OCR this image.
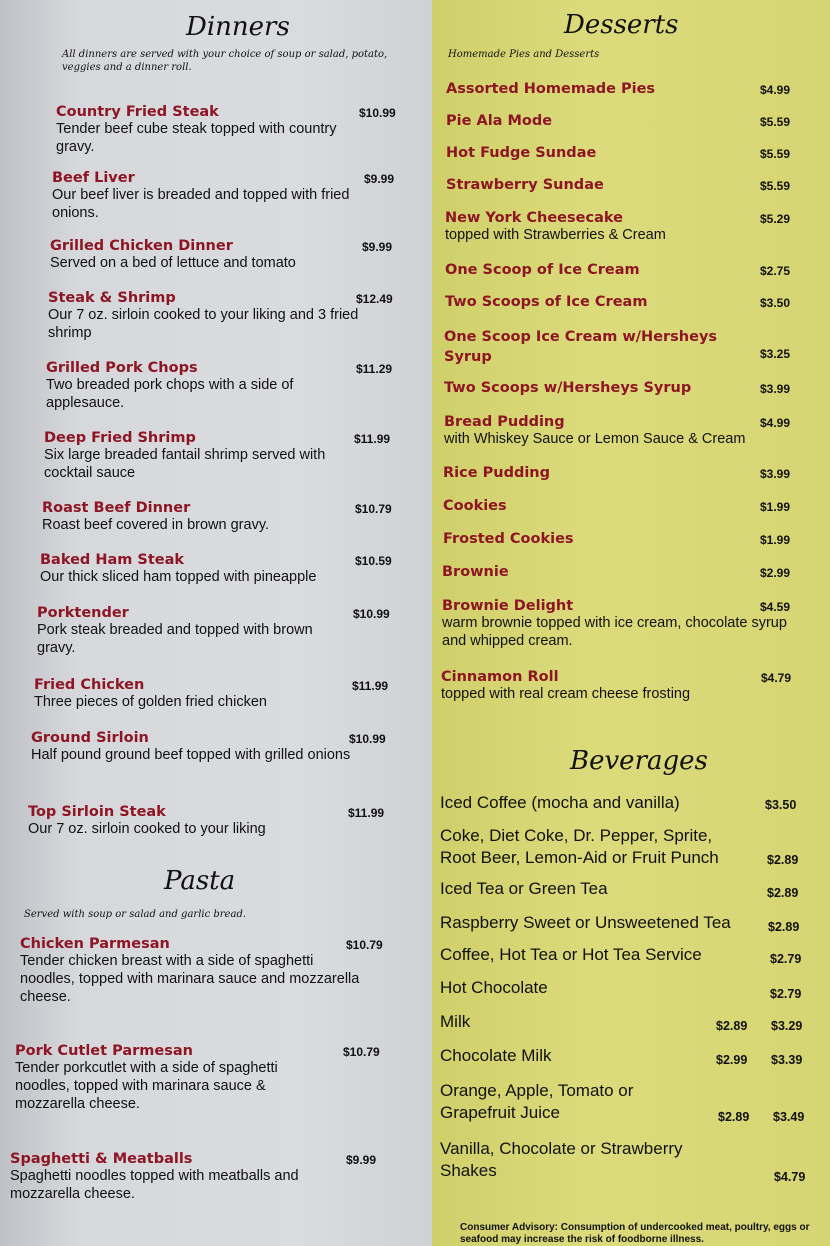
Dinners
All dinners are served with your choice of soup or salad, potato, veggies and a dinner roll.
Country Fried Steak	$10.99
Tender beef cube steak topped with country gravy.
Beef Liver	$9.99
Our beef liver is breaded and topped with fried onions.
Grilled Chicken Dinner	$9.99
Served on a bed of lettuce and tomato
Steak & Shrimp	$12.49
Our 7 oz. sirloin cooked to your liking and 3 fried shrimp
Grilled Pork Chops	$11.29
Two breaded pork chops with a side of applesauce.
Deep Fried Shrimp	$11.99
Six large breaded fantail shrimp served with cocktail sauce
Roast Beef Dinner	$10.79
Roast beef covered in brown gravy.
Baked Ham Steak	$10.59
Our thick sliced ham topped with pineapple
Porktender	$10.99
Pork steak breaded and topped with brown gravy.
Fried Chicken	$11.99
Three pieces of golden fried chicken
Ground Sirloin	$10.99
Half pound ground beef topped with grilled onions
Top Sirloin Steak	$11.99
Our 7 oz. sirloin cooked to your liking
Pasta
Served with soup or salad and garlic bread.
Chicken Parmesan	$10.79
Tender chicken breast with a side of spaghetti noodles, topped with marinara sauce and mozzarella cheese.
Pork Cutlet Parmesan	$10.79
Tender porkcutlet with a side of spaghetti noodles, topped with marinara sauce & mozzarella cheese.
Spaghetti & Meatballs	$9.99
Spaghetti noodles topped with meatballs and mozzarella cheese.
Desserts
Homemade Pies and Desserts
Assorted Homemade Pies	$4.99
Pie Ala Mode	$5.59
Hot Fudge Sundae	$5.59
Strawberry Sundae	$5.59
New York Cheesecake	$5.29
topped with Strawberries & Cream
One Scoop of Ice Cream	$2.75
Two Scoops of Ice Cream	$3.50
One Scoop Ice Cream w/Hersheys Syrup	$3.25
Two Scoops w/Hersheys Syrup	$3.99
Bread Pudding	$4.99
with Whiskey Sauce or Lemon Sauce & Cream
Rice Pudding	$3.99
Cookies	$1.99
Frosted Cookies	$1.99
Brownie	$2.99
Brownie Delight	$4.59
warm brownie topped with ice cream, chocolate syrup and whipped cream.
Cinnamon Roll	$4.79
topped with real cream cheese frosting
Beverages
Iced Coffee (mocha and vanilla)	$3.50
Coke, Diet Coke, Dr. Pepper, Sprite, Root Beer, Lemon-Aid or Fruit Punch	$2.89
Iced Tea or Green Tea	$2.89
Raspberry Sweet or Unsweetened Tea	$2.89
Coffee, Hot Tea or Hot Tea Service	$2.79
Hot Chocolate	$2.79
Milk	$2.89 $3.29
Chocolate Milk	$2.99 $3.39
Orange, Apple, Tomato or Grapefruit Juice	$2.89 $3.49
Vanilla, Chocolate or Strawberry Shakes	$4.79
Consumer Advisory: Consumption of undercooked meat, poultry, eggs or seafood may increase the risk of foodborne illness.
